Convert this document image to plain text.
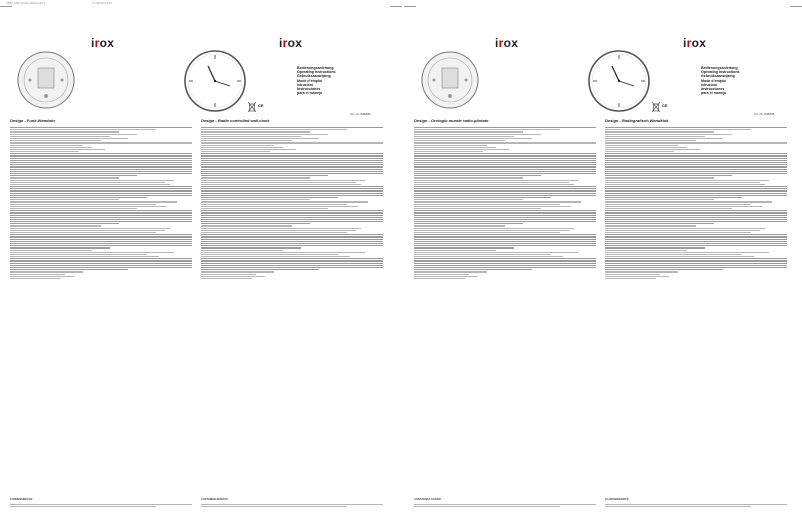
7552_IWK Quart 2015.indd 1	17.08.15 13:47
irox	irox
CE
Bedienungsanleitung
Operating Instructions
Gebruiksaanwijzing
Mode d’emploi
Istruzioni
Instrucciones
para el manejo
Art.-Nr. 838808
Design - Funk-Wanduhr	Design - Radio controlled wall clock
KUNDENSERVICE	CUSTOMER SERVICE
irox	irox
CE
Bedienungsanleitung
Operating Instructions
Gebruiksaanwijzing
Mode d’emploi
Istruzioni
Instrucciones
para el manejo
Art.-Nr. 838808
Design - Orologio murale radio-pilotato	Design - Radiografisch Wandklok
ASSISTENZA CLIENTI	KLANTENSERVICE
